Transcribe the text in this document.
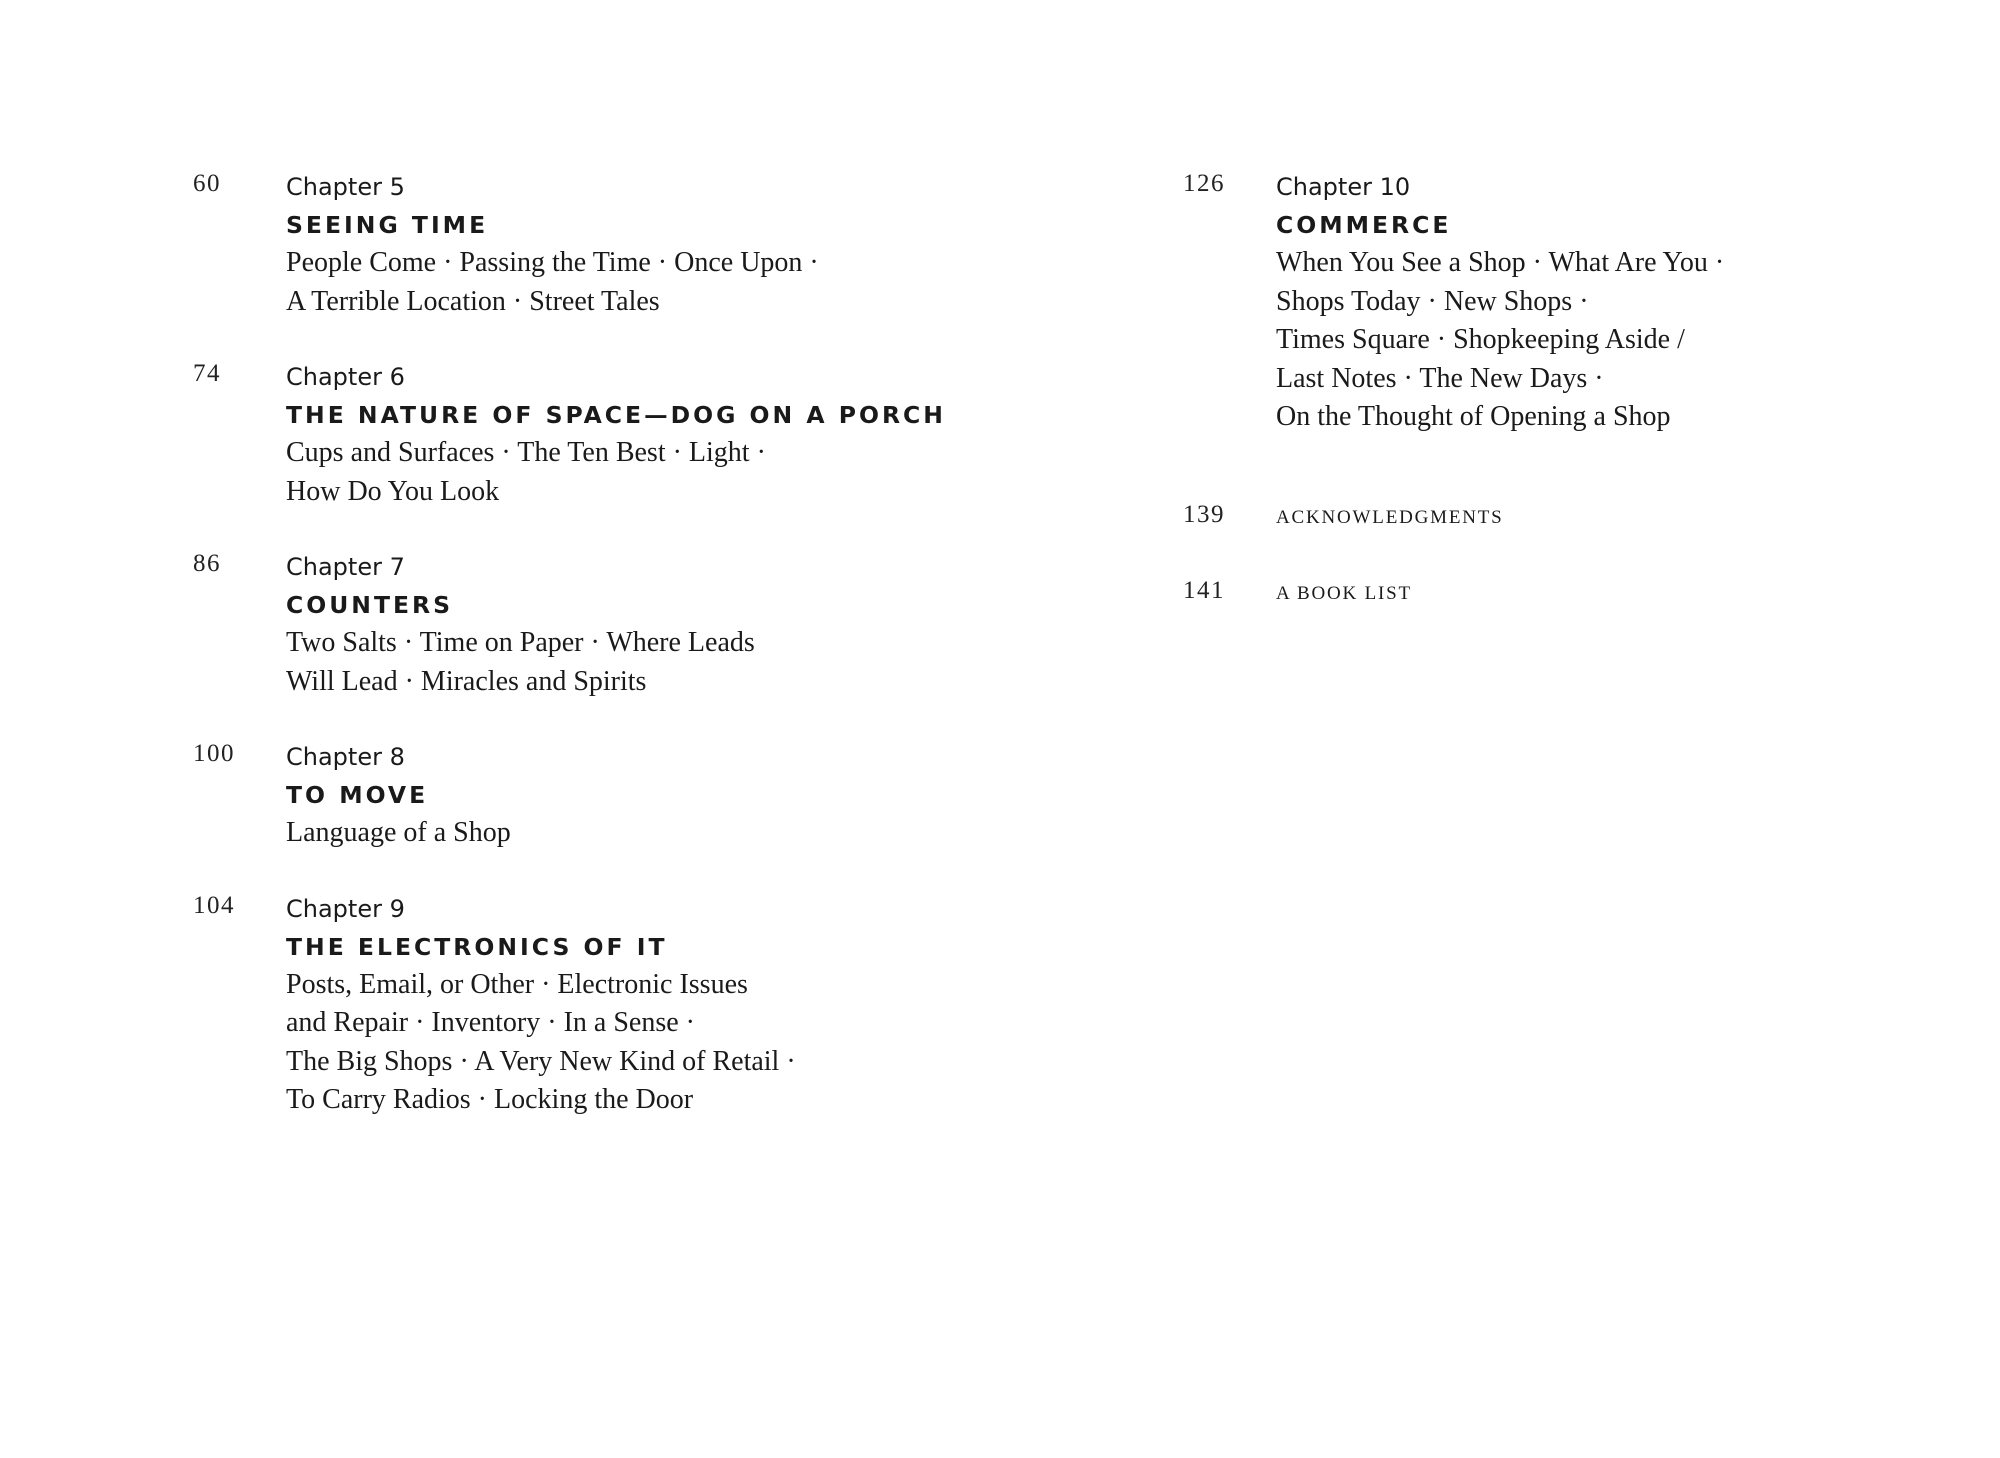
60	Chapter 5
SEEING TIME
People Come · Passing the Time · Once Upon ·
A Terrible Location · Street Tales
74	Chapter 6
THE NATURE OF SPACE—DOG ON A PORCH
Cups and Surfaces · The Ten Best · Light ·
How Do You Look
86	Chapter 7
COUNTERS
Two Salts · Time on Paper · Where Leads
Will Lead · Miracles and Spirits
100 Chapter 8
TO MOVE
Language of a Shop
104 Chapter 9
THE ELECTRONICS OF IT
Posts, Email, or Other · Electronic Issues
and Repair · Inventory · In a Sense ·
The Big Shops · A Very New Kind of Retail ·
To Carry Radios · Locking the Door
126 Chapter 10
COMMERCE
When You See a Shop · What Are You ·
Shops Today · New Shops ·
Times Square · Shopkeeping Aside /
Last Notes · The New Days ·
On the Thought of Opening a Shop
139	ACKNOWLEDGMENTS
141	A BOOK LIST
